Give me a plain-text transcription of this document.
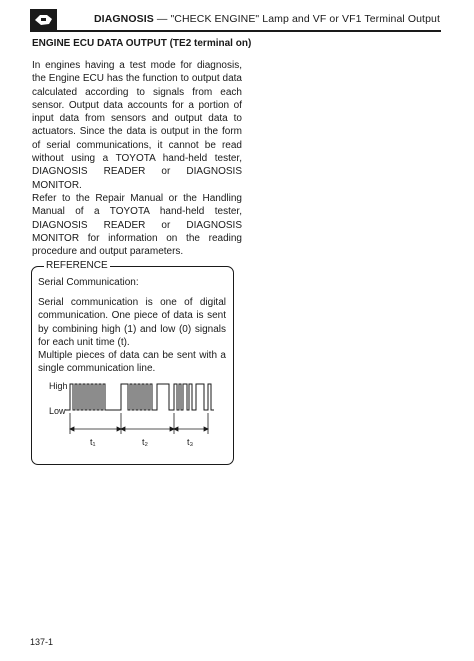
DIAGNOSIS — "CHECK ENGINE" Lamp and VF or VF1 Terminal Output
ENGINE ECU DATA OUTPUT (TE2 terminal on)

In engines having a test mode for diagnosis, the Engine ECU has the function to output data calculated according to signals from each sensor. Output data accounts for a portion of input data from sensors and output data to actuators. Since the data is output in the form of serial communications, it cannot be read without using a TOYOTA hand-held tester, DIAGNOSIS READER or DIAGNOSIS MONITOR.

Refer to the Repair Manual or the Handling Manual of a TOYOTA hand-held tester, DIAGNOSIS READER or DIAGNOSIS MONITOR for information on the reading procedure and output parameters.

REFERENCE
Serial Communication:

Serial communication is one of digital communication. One piece of data is sent by combining high (1) and low (0) signals for each unit time (t).

Multiple pieces of data can be sent with a single communication line.

High
Low
t₁	t₂	t₃
137-1
